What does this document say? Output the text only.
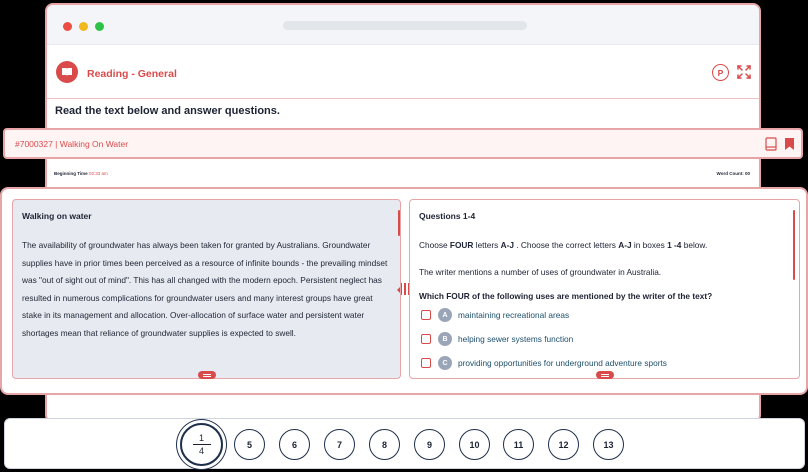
Reading - General	P
Read the text below and answer questions.
#7000327 | Walking On Water
Beginning Time 02:33 am	Word Count: 00
Walking on water
The availability of groundwater has always been taken for granted by Australians. Groundwater supplies have in prior times been perceived as a resource of infinite bounds - the prevailing mindset was "out of sight out of mind". This has all changed with the modern epoch. Persistent neglect has resulted in numerous complications for groundwater users and many interest groups have great stake in its management and allocation. Over-allocation of surface water and persistent water shortages mean that reliance of groundwater supplies is expected to swell.
Questions 1-4
Choose FOUR letters A-J . Choose the correct letters A-J in boxes 1 -4 below.
The writer mentions a number of uses of groundwater in Australia.
Which FOUR of the following uses are mentioned by the writer of the text?
A	maintaining recreational areas
B	helping sewer systems function
C	providing opportunities for underground adventure sports
1
4
5	6	7	8	9	10	11	12	13
